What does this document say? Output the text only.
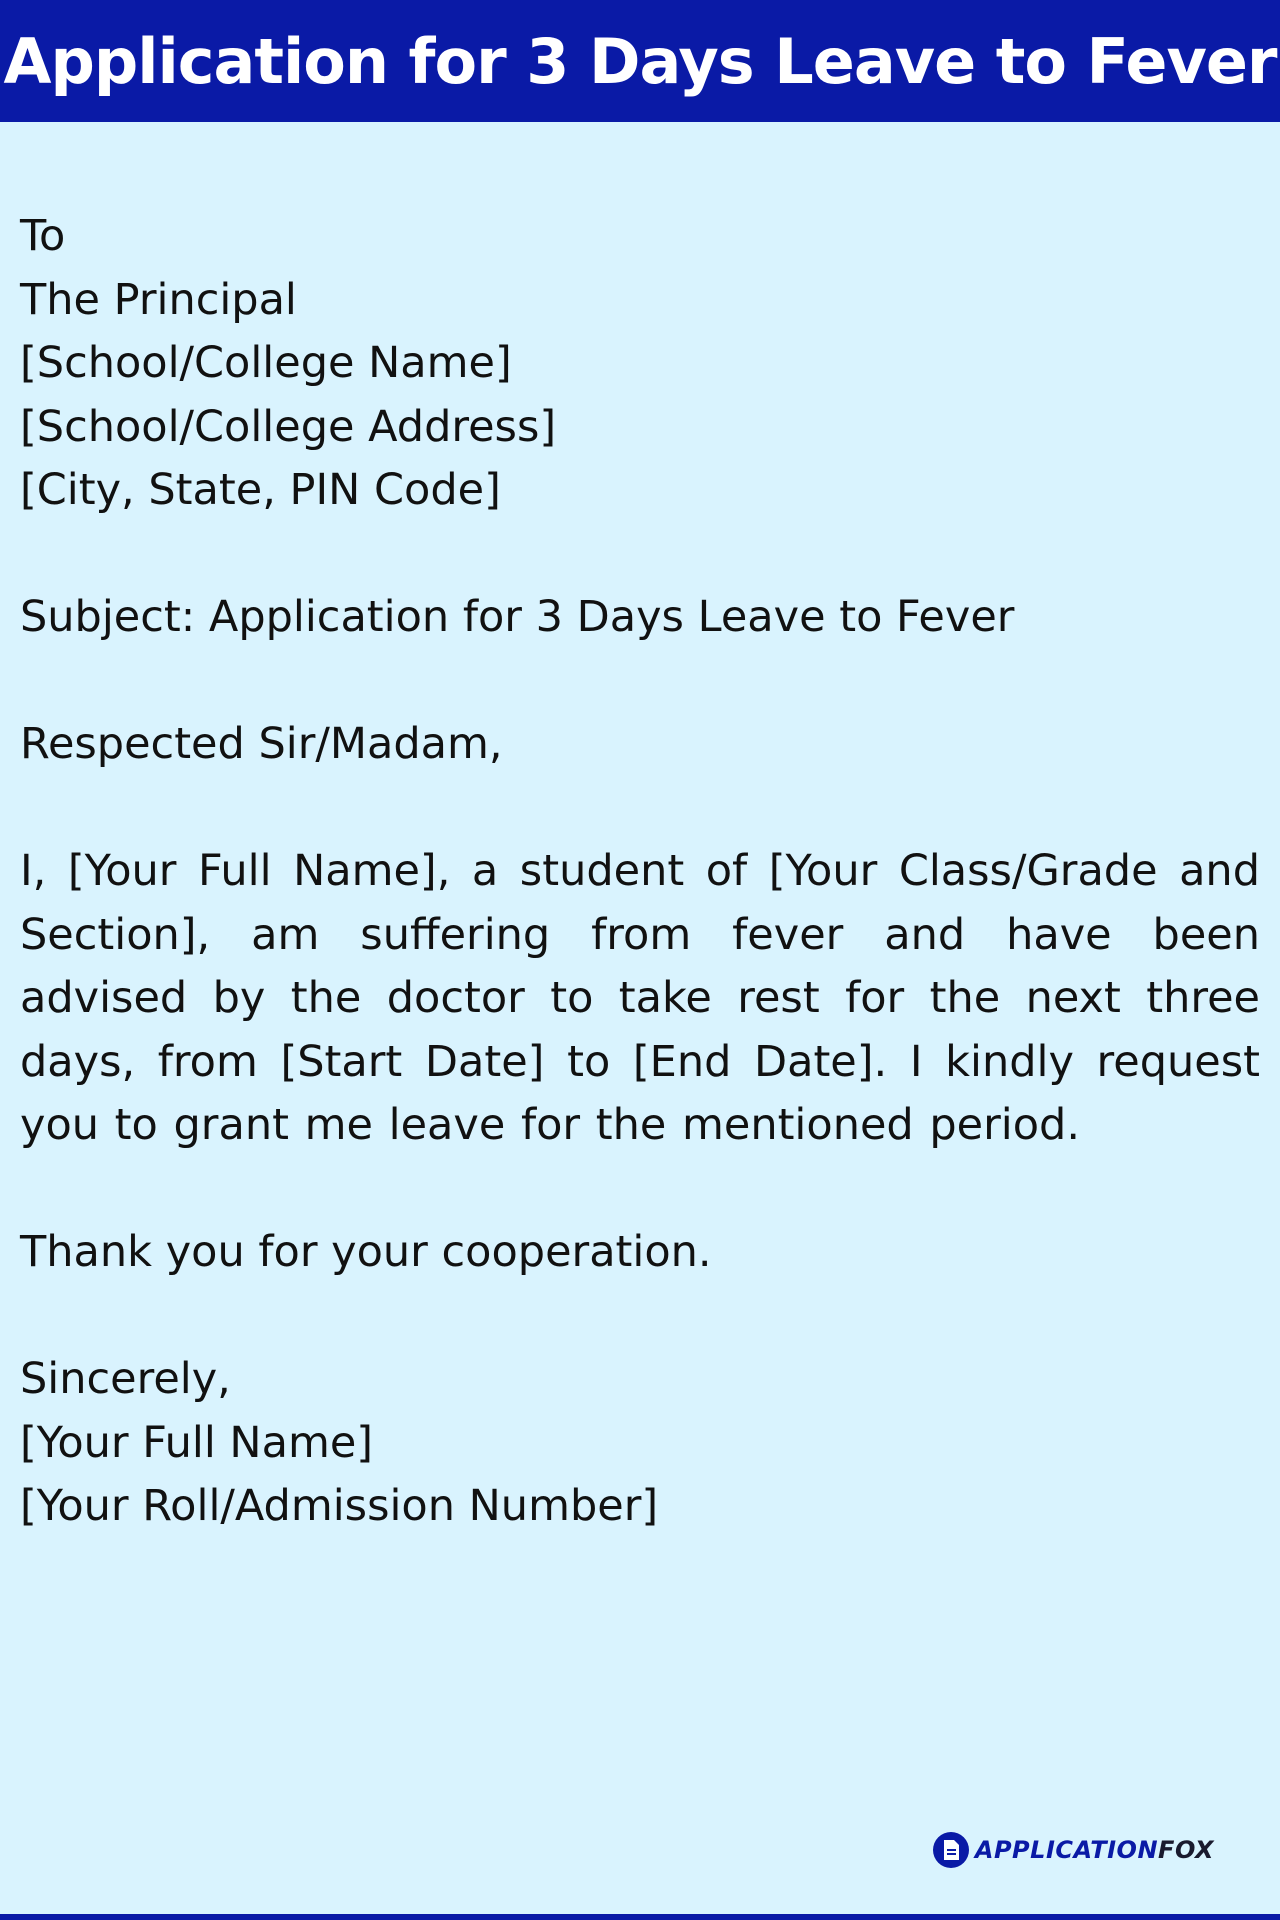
Application for 3 Days Leave to Fever
To
The Principal
[School/College Name]
[School/College Address]
[City, State, PIN Code]
Subject: Application for 3 Days Leave to Fever
Respected Sir/Madam,
I, [Your Full Name], a student of [Your Class/Grade and Section], am suffering from fever and have been advised by the doctor to take rest for the next three days, from [Start Date] to [End Date]. I kindly request you to grant me leave for the mentioned period.
Thank you for your cooperation.
Sincerely,
[Your Full Name]
[Your Roll/Admission Number]
APPLICATIONFOX
